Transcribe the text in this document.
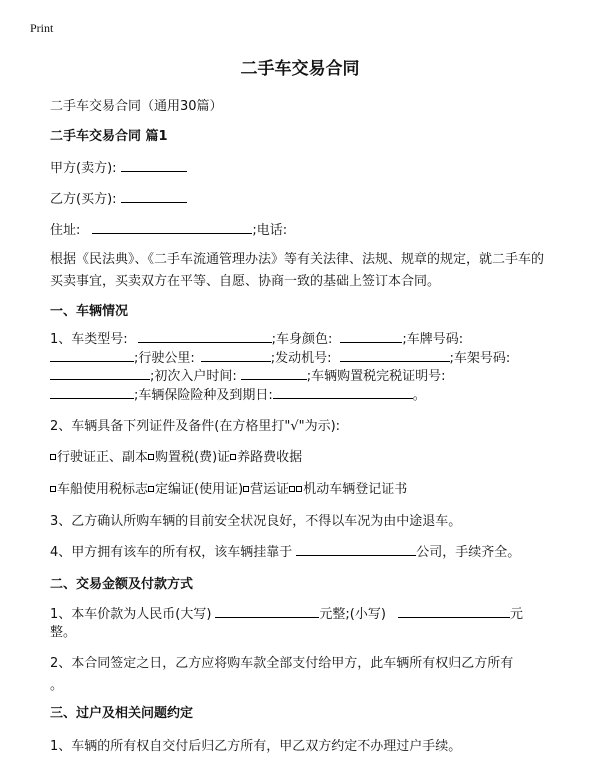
Print
二手车交易合同
二手车交易合同（通用30篇）
二手车交易合同 篇1
甲方(卖方):
乙方(买方):
住址:	;电话:
根据《民法典》、《二手车流通管理办法》等有关法律、法规、规章的规定，就二手车的买卖事宜，买卖双方在平等、自愿、协商一致的基础上签订本合同。
一、车辆情况
1、车类型号:	;车身颜色:	;车牌号码:
;行驶公里:	;发动机号:	;车架号码:
;初次入户时间:	;车辆购置税完税证明号:
;车辆保险险种及到期日:	。
2、车辆具备下列证件及备件(在方格里打"√"为示):
行驶证正、副本 购置税(费)证 养路费收据
车船使用税标志 定编证(使用证) 营运证 机动车辆登记证书
3、乙方确认所购车辆的目前安全状况良好，不得以车况为由中途退车。
4、甲方拥有该车的所有权，该车辆挂靠于	公司，手续齐全。
二、交易金额及付款方式
1、本车价款为人民币(大写)	元整;(小写)	元
整。
2、本合同签定之日，乙方应将购车款全部支付给甲方，此车辆所有权归乙方所有
。
三、过户及相关问题约定
1、车辆的所有权自交付后归乙方所有，甲乙双方约定不办理过户手续。
